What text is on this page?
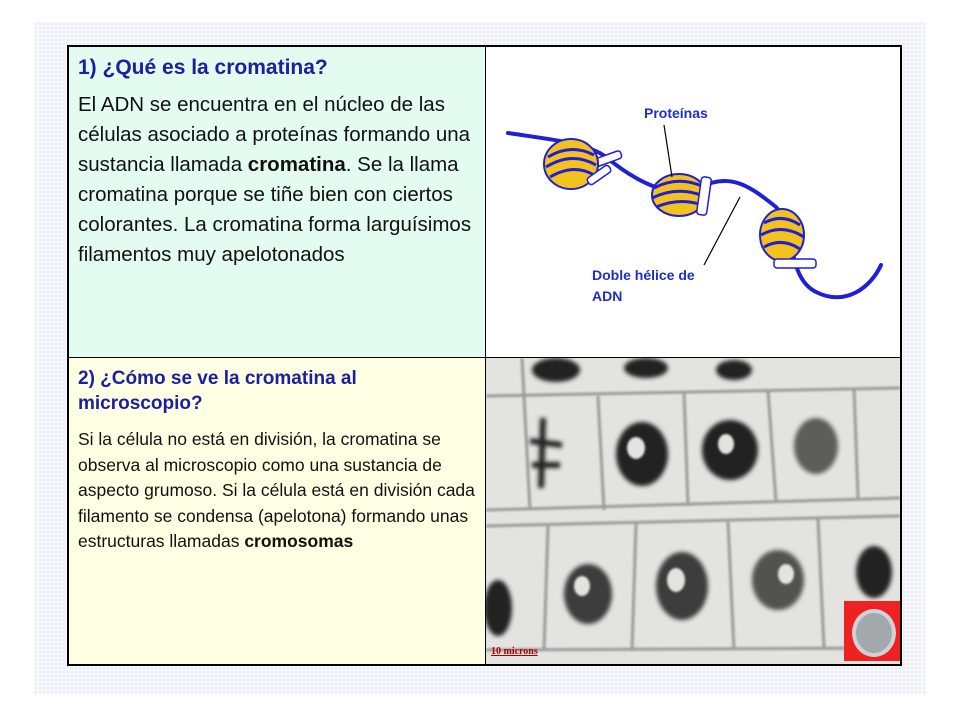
1) ¿Qué es la cromatina?

El ADN se encuentra en el núcleo de las células asociado a proteínas formando una sustancia llamada cromatina. Se la llama cromatina porque se tiñe bien con ciertos colorantes. La cromatina forma larguísimos filamentos muy apelotonados

Proteínas
Doble hélice de
ADN
2) ¿Cómo se ve la cromatina al microscopio?

Si la célula no está en división, la cromatina se observa al microscopio como una sustancia de aspecto grumoso. Si la célula está en división cada filamento se condensa (apelotona) formando unas estructuras llamadas cromosomas

10 microns
